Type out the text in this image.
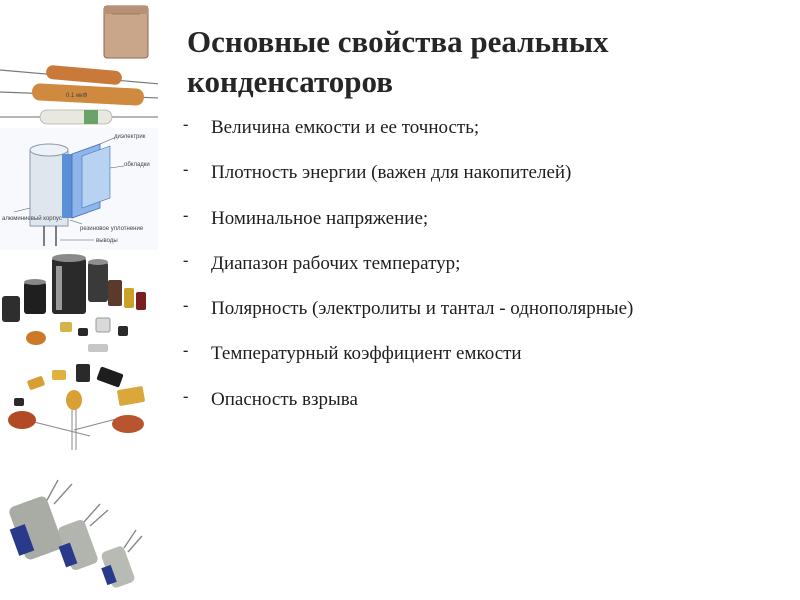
0.1 мкФ
диэлектрик
обкладки
алюминиевый корпус
резиновое уплотнение
выводы
Основные свойства реальных конденсаторов
- Величина емкости и ее точность;
- Плотность энергии (важен для накопителей)
- Номинальное напряжение;
- Диапазон рабочих температур;
- Полярность (электролиты и тантал - однополярные)
- Температурный коэффициент емкости
- Опасность взрыва
